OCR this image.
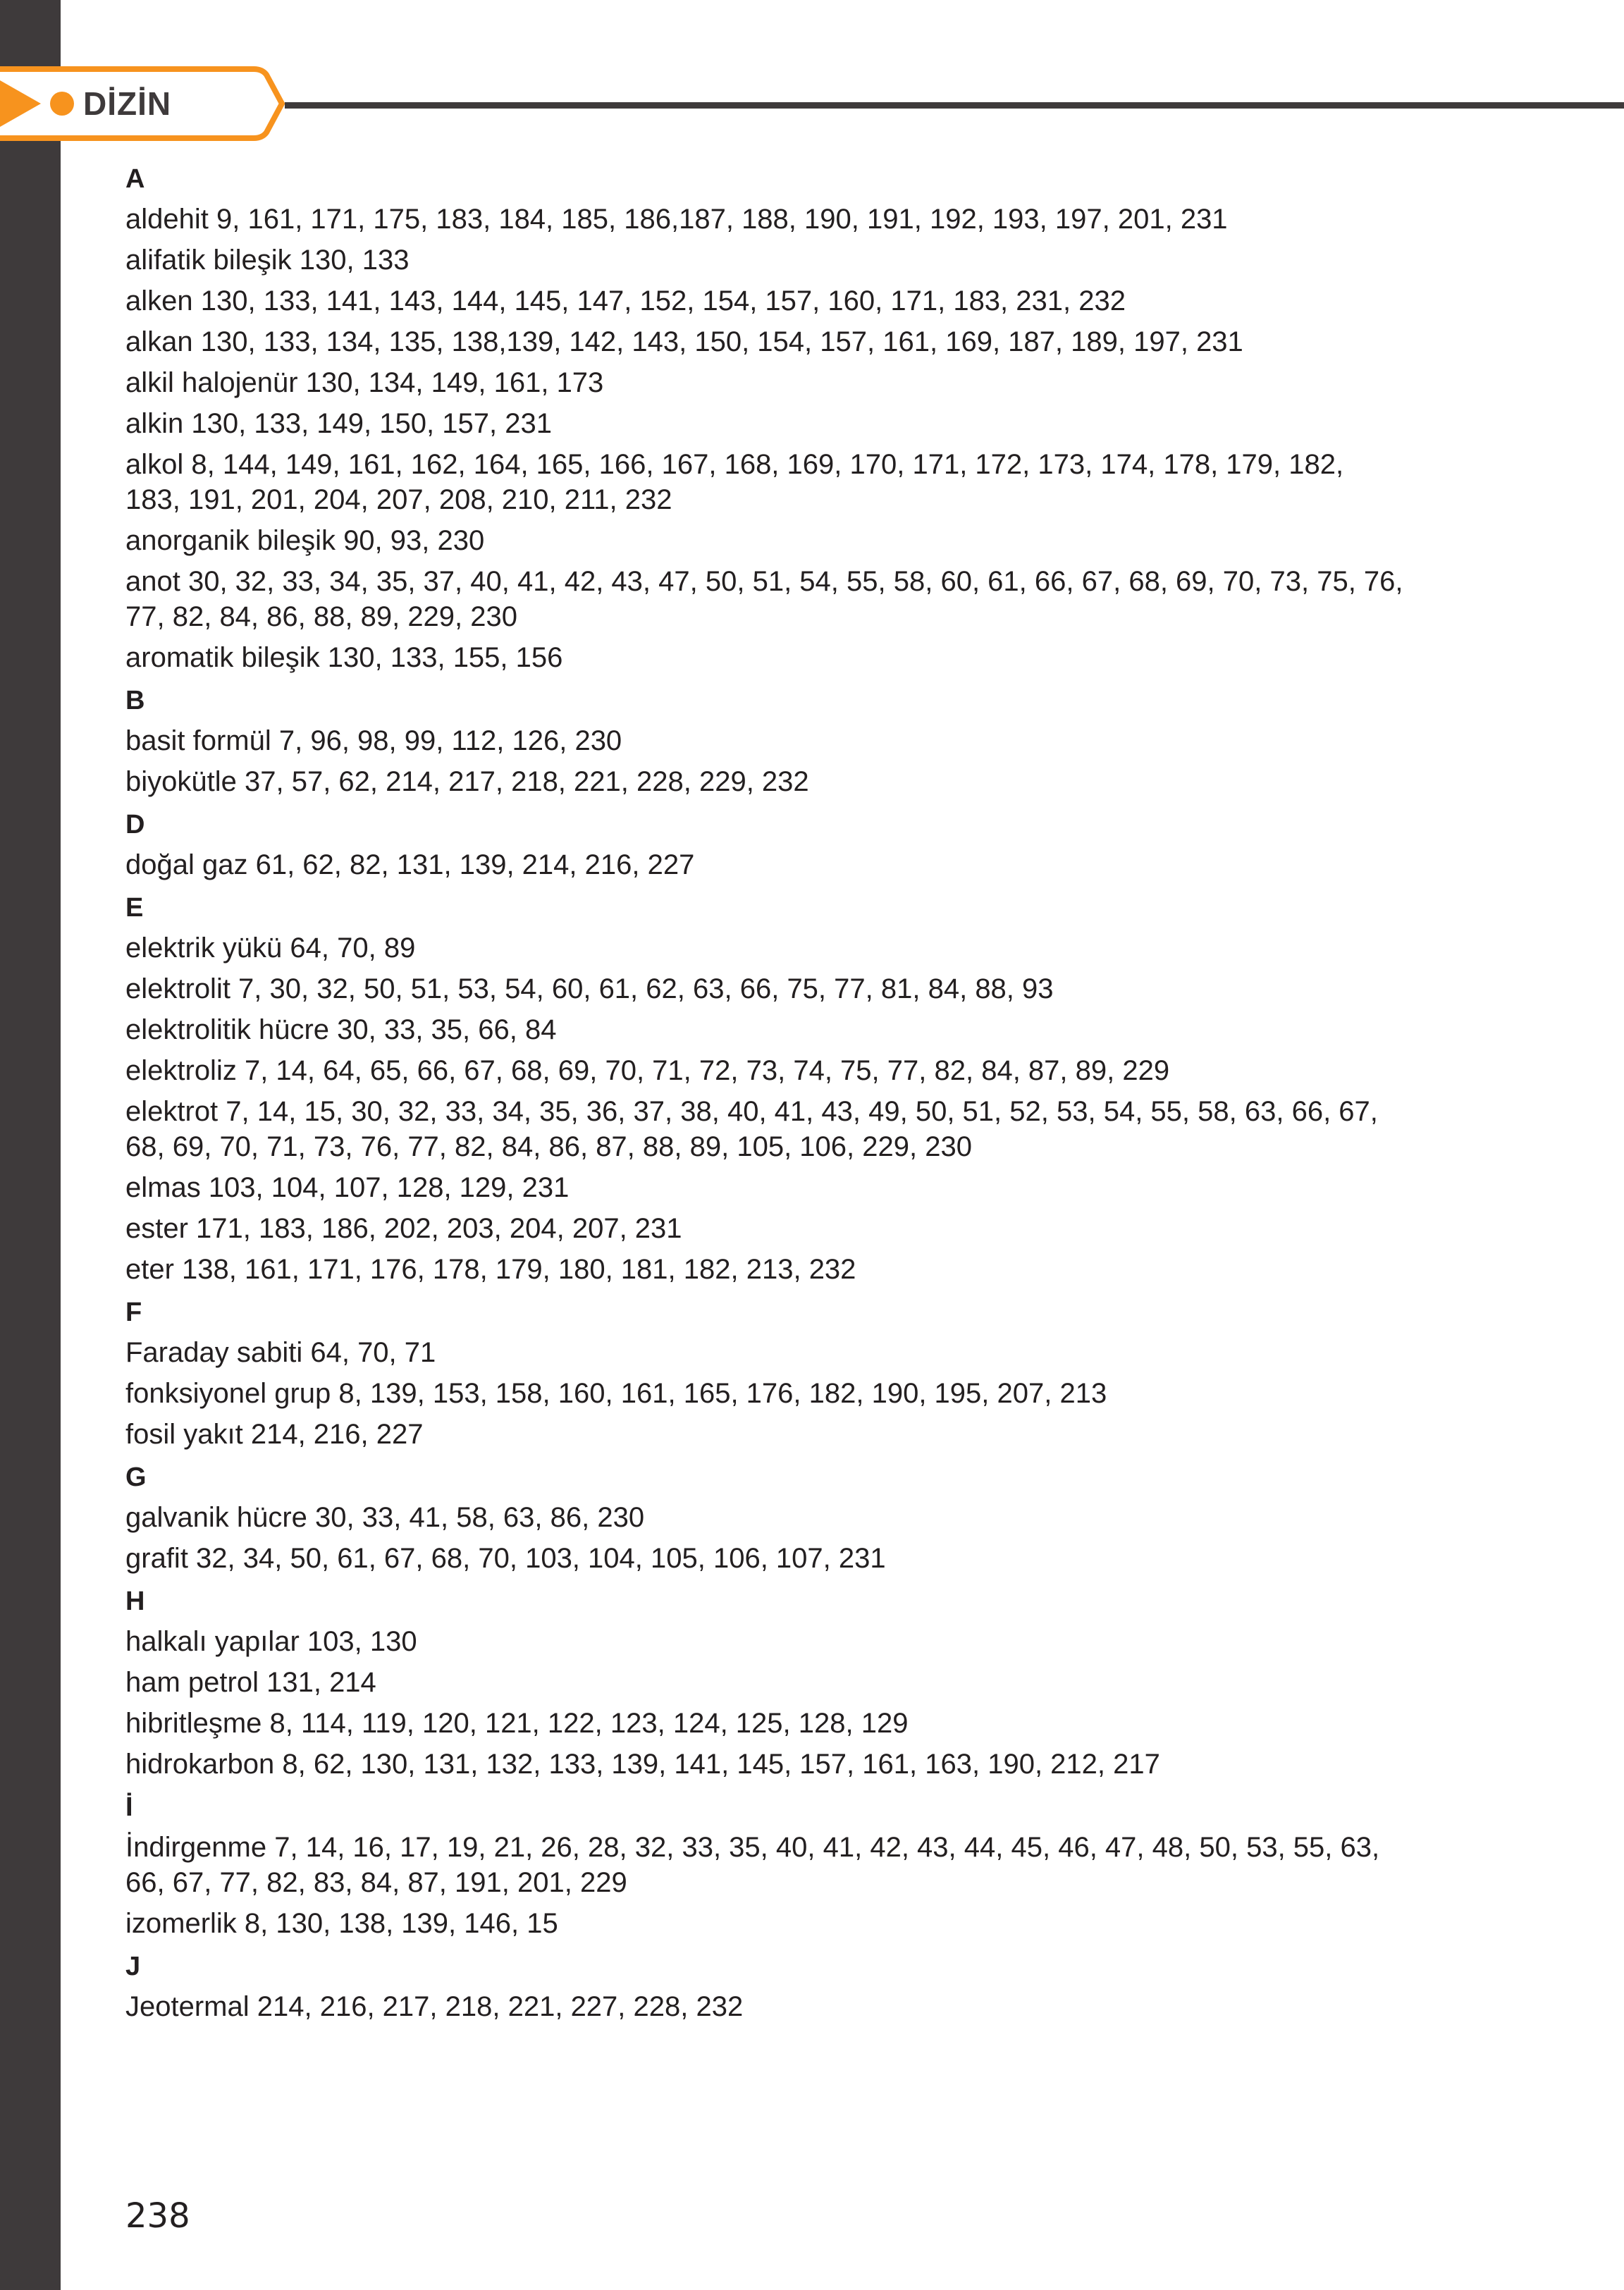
DİZİN
A
aldehit 9, 161, 171, 175, 183, 184, 185, 186,187, 188, 190, 191, 192, 193, 197, 201, 231
alifatik bileşik 130, 133
alken 130, 133, 141, 143, 144, 145, 147, 152, 154, 157, 160, 171, 183, 231, 232
alkan 130, 133, 134, 135, 138,139, 142, 143, 150, 154, 157, 161, 169, 187, 189, 197, 231
alkil halojenür 130, 134, 149, 161, 173
alkin 130, 133, 149, 150, 157, 231
alkol 8, 144, 149, 161, 162, 164, 165, 166, 167, 168, 169, 170, 171, 172, 173, 174, 178, 179, 182,
183, 191, 201, 204, 207, 208, 210, 211, 232
anorganik bileşik 90, 93, 230
anot 30, 32, 33, 34, 35, 37, 40, 41, 42, 43, 47, 50, 51, 54, 55, 58, 60, 61, 66, 67, 68, 69, 70, 73, 75, 76,
77, 82, 84, 86, 88, 89, 229, 230
aromatik bileşik 130, 133, 155, 156
B
basit formül 7, 96, 98, 99, 112, 126, 230
biyokütle 37, 57, 62, 214, 217, 218, 221, 228, 229, 232
D
doğal gaz 61, 62, 82, 131, 139, 214, 216, 227
E
elektrik yükü 64, 70, 89
elektrolit 7, 30, 32, 50, 51, 53, 54, 60, 61, 62, 63, 66, 75, 77, 81, 84, 88, 93
elektrolitik hücre 30, 33, 35, 66, 84
elektroliz 7, 14, 64, 65, 66, 67, 68, 69, 70, 71, 72, 73, 74, 75, 77, 82, 84, 87, 89, 229
elektrot 7, 14, 15, 30, 32, 33, 34, 35, 36, 37, 38, 40, 41, 43, 49, 50, 51, 52, 53, 54, 55, 58, 63, 66, 67,
68, 69, 70, 71, 73, 76, 77, 82, 84, 86, 87, 88, 89, 105, 106, 229, 230
elmas 103, 104, 107, 128, 129, 231
ester 171, 183, 186, 202, 203, 204, 207, 231
eter 138, 161, 171, 176, 178, 179, 180, 181, 182, 213, 232
F
Faraday sabiti 64, 70, 71
fonksiyonel grup 8, 139, 153, 158, 160, 161, 165, 176, 182, 190, 195, 207, 213
fosil yakıt 214, 216, 227
G
galvanik hücre 30, 33, 41, 58, 63, 86, 230
grafit 32, 34, 50, 61, 67, 68, 70, 103, 104, 105, 106, 107, 231
H
halkalı yapılar 103, 130
ham petrol 131, 214
hibritleşme 8, 114, 119, 120, 121, 122, 123, 124, 125, 128, 129
hidrokarbon 8, 62, 130, 131, 132, 133, 139, 141, 145, 157, 161, 163, 190, 212, 217
İ
İndirgenme 7, 14, 16, 17, 19, 21, 26, 28, 32, 33, 35, 40, 41, 42, 43, 44, 45, 46, 47, 48, 50, 53, 55, 63,
66, 67, 77, 82, 83, 84, 87, 191, 201, 229
izomerlik 8, 130, 138, 139, 146, 15
J
Jeotermal 214, 216, 217, 218, 221, 227, 228, 232
238
